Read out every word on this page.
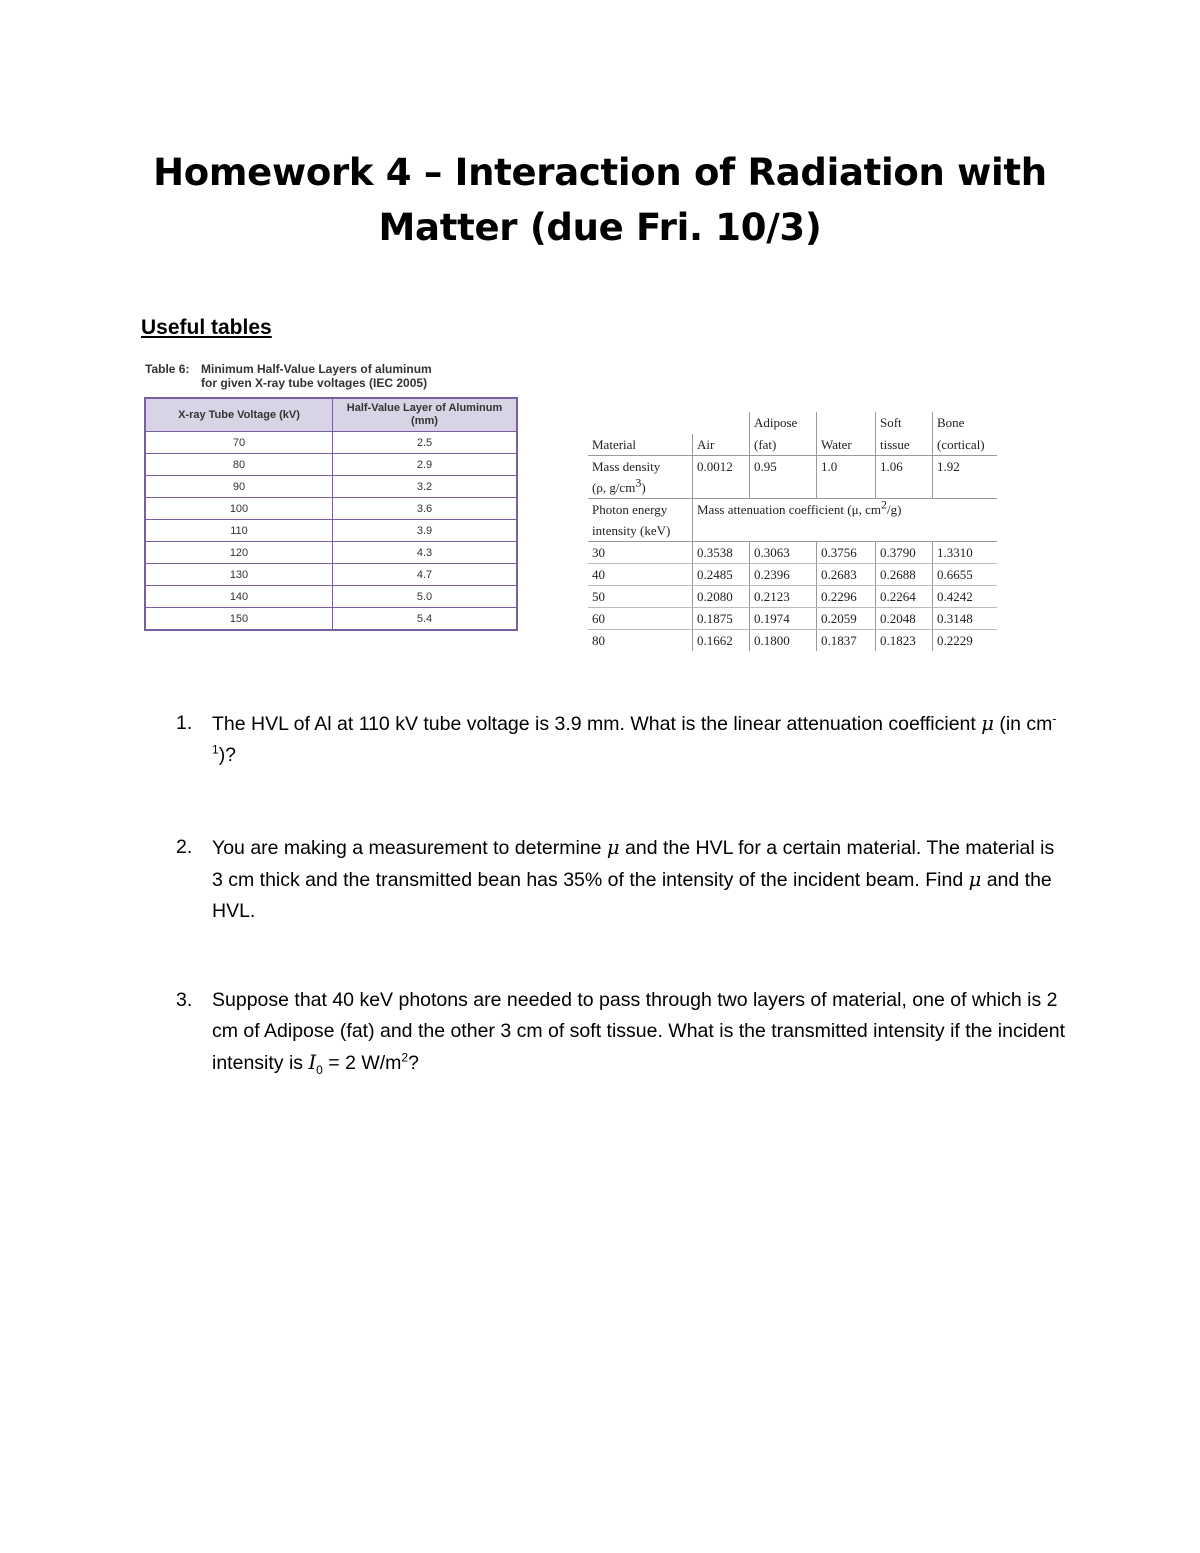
Homework 4 – Interaction of Radiation with
Matter (due Fri. 10/3)
Useful tables
Table 6: Minimum Half-Value Layers of aluminum
for given X-ray tube voltages (IEC 2005)
X-ray Tube Voltage (kV)	Half-Value Layer of Aluminum (mm)
70	2.5
80	2.9
90	3.2
100	3.6
110	3.9
120	4.3
130	4.7
140	5.0
150	5.4
		Adipose		Soft	Bone
Material	Air	(fat)	Water	tissue	(cortical)
Mass density	0.0012	0.95	1.0	1.06	1.92
(ρ, $g/cm^3$)					
Photon energy	Mass attenuation coefficient (μ, $cm^2/g$)				
intensity (keV)					
30	0.3538	0.3063	0.3756	0.3790	1.3310
40	0.2485	0.2396	0.2683	0.2688	0.6655
50	0.2080	0.2123	0.2296	0.2264	0.4242
60	0.1875	0.1974	0.2059	0.2048	0.3148
80	0.1662	0.1800	0.1837	0.1823	0.2229
1. The HVL of Al at 110 kV tube voltage is 3.9 mm. What is the linear attenuation coefficient μ (in $cm^{-1}$)?
2. You are making a measurement to determine μ and the HVL for a certain material. The material is 3 cm thick and the transmitted bean has 35% of the intensity of the incident beam. Find μ and the HVL.
3. Suppose that 40 keV photons are needed to pass through two layers of material, one of which is 2 cm of Adipose (fat) and the other 3 cm of soft tissue. What is the transmitted intensity if the incident intensity is $I_0 = 2$ $W/m^2$?
